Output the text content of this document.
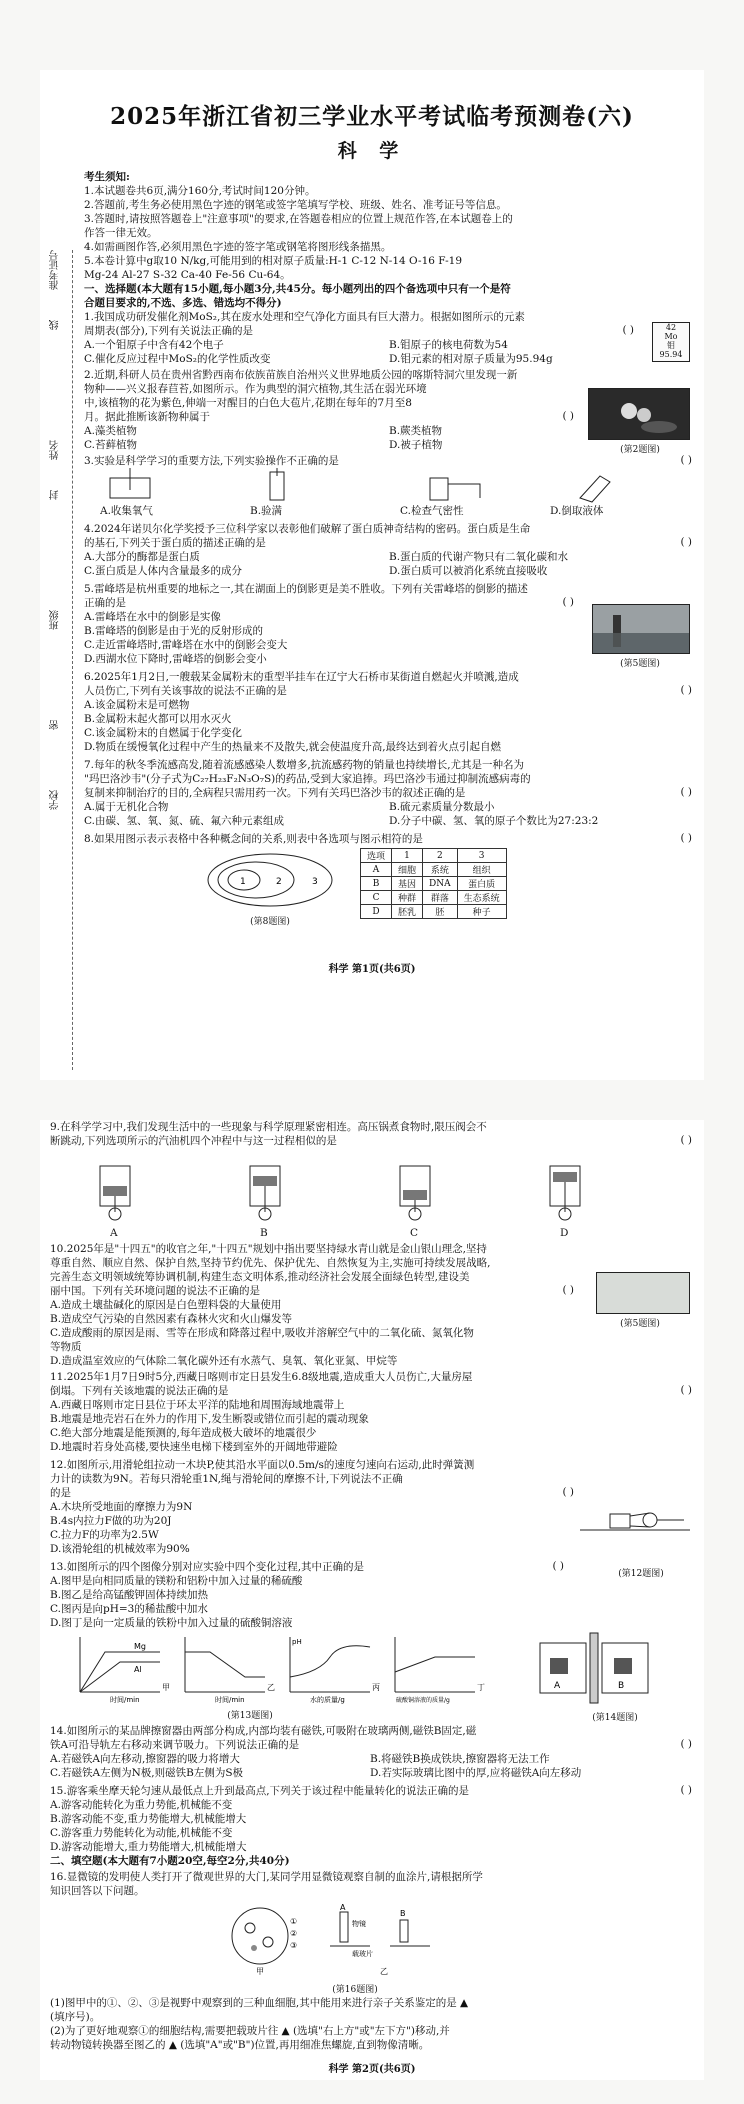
2025年浙江省初三学业水平考试临考预测卷(六)
科 学
准考证号
线
姓名
封
班级
密
学校
考生须知:
1.本试题卷共6页,满分160分,考试时间120分钟。
2.答题前,考生务必使用黑色字迹的钢笔或签字笔填写学校、班级、姓名、准考证号等信息。
3.答题时,请按照答题卷上"注意事项"的要求,在答题卷相应的位置上规范作答,在本试题卷上的
作答一律无效。
4.如需画图作答,必须用黑色字迹的签字笔或钢笔将图形线条描黑。
5.本卷计算中g取10 N/kg,可能用到的相对原子质量:H-1 C-12 N-14 O-16 F-19
Mg-24 Al-27 S-32 Ca-40 Fe-56 Cu-64。
一、选择题(本大题有15小题,每小题3分,共45分。每小题列出的四个备选项中只有一个是符
合题目要求的,不选、多选、错选均不得分)
1.我国成功研发催化剂MoS₂,其在废水处理和空气净化方面具有巨大潜力。根据如图所示的元素
周期表(部分),下列有关说法正确的是
A.一个钼原子中含有42个电子	B.钼原子的核电荷数为54
C.催化反应过程中MoS₂的化学性质改变	D.钼元素的相对原子质量为95.94g
( )	42
Mo
钼
95.94
2.近期,科研人员在贵州省黔西南布依族苗族自治州兴义世界地质公园的喀斯特洞穴里发现一新
物种——兴义报春苣苔,如图所示。作为典型的洞穴植物,其生活在弱光环境
中,该植物的花为紫色,伸端一对醒目的白色大苞片,花期在每年的7月至8
月。据此推断该新物种属于
A.藻类植物	B.蕨类植物
C.苔藓植物	D.被子植物
( )
(第2题图)
3.实验是科学学习的重要方法,下列实验操作不正确的是	( )
A.收集氧气	B.验满	C.检查气密性	D.倒取液体
4.2024年诺贝尔化学奖授予三位科学家以表彰他们破解了蛋白质神奇结构的密码。蛋白质是生命
的基石,下列关于蛋白质的描述正确的是
A.大部分的酶都是蛋白质	B.蛋白质的代谢产物只有二氧化碳和水
C.蛋白质是人体内含量最多的成分	D.蛋白质可以被消化系统直接吸收
( )
5.雷峰塔是杭州重要的地标之一,其在湖面上的倒影更是美不胜收。下列有关雷峰塔的倒影的描述
正确的是
A.雷峰塔在水中的倒影是实像
B.雷峰塔的倒影是由于光的反射形成的
C.走近雷峰塔时,雷峰塔在水中的倒影会变大
D.西湖水位下降时,雷峰塔的倒影会变小
( )
(第5题图)
6.2025年1月2日,一艘载某金属粉末的重型半挂车在辽宁大石桥市某街道自燃起火并喷溅,造成
人员伤亡,下列有关该事故的说法不正确的是
A.该金属粉末是可燃物
B.金属粉末起火都可以用水灭火
C.该金属粉末的自燃属于化学变化
D.物质在缓慢氧化过程中产生的热量来不及散失,就会使温度升高,最终达到着火点引起自燃
( )
7.每年的秋冬季流感高发,随着流感感染人数增多,抗流感药物的销量也持续增长,尤其是一种名为
"玛巴洛沙韦"(分子式为C₂₇H₂₃F₂N₃O₇S)的药品,受到大家追捧。玛巴洛沙韦通过抑制流感病毒的
复制来抑制治疗的目的,全病程只需用药一次。下列有关玛巴洛沙韦的叙述正确的是
A.属于无机化合物	B.硫元素质量分数最小
C.由碳、氢、氧、氮、硫、氟六种元素组成	D.分子中碳、氢、氧的原子个数比为27:23:2
( )
8.如果用图示表示表格中各种概念间的关系,则表中各选项与图示相符的是	( )
1	2	3
(第8题图)
选项	1	2	3
A	细胞	系统	组织
B	基因	DNA	蛋白质
C	种群	群落	生态系统
D	胚乳	胚	种子
科学 第1页(共6页)
9.在科学学习中,我们发现生活中的一些现象与科学原理紧密相连。高压锅煮食物时,限压阀会不
断跳动,下列选项所示的汽油机四个冲程中与这一过程相似的是	( )
A	B	C	D
10.2025年是"十四五"的收官之年,"十四五"规划中指出要坚持绿水青山就是金山银山理念,坚持
尊重自然、顺应自然、保护自然,坚持节约优先、保护优先、自然恢复为主,实施可持续发展战略,
完善生态文明领域统筹协调机制,构建生态文明体系,推动经济社会发展全面绿色转型,建设美
丽中国。下列有关环境问题的说法不正确的是
A.造成土壤盐碱化的原因是白色塑料袋的大量使用
B.造成空气污染的自然因素有森林火灾和火山爆发等
C.造成酸雨的原因是雨、雪等在形成和降落过程中,吸收并溶解空气中的二氧化硫、氮氧化物
等物质
D.造成温室效应的气体除二氧化碳外还有水蒸气、臭氧、氧化亚氮、甲烷等
( )
(第5题图)
11.2025年1月7日9时5分,西藏日喀则市定日县发生6.8级地震,造成重大人员伤亡,大量房屋
倒塌。下列有关该地震的说法正确的是
A.西藏日喀则市定日县位于环太平洋的陆地和周围海域地震带上
B.地震是地壳岩石在外力的作用下,发生断裂或错位而引起的震动现象
C.绝大部分地震是能预测的,每年造成极大破坏的地震很少
D.地震时若身处高楼,要快速坐电梯下楼到室外的开阔地带避险
( )
12.如图所示,用滑轮组拉动一木块P,使其沿水平面以0.5m/s的速度匀速向右运动,此时弹簧测
力计的读数为9N。若每只滑轮重1N,绳与滑轮间的摩擦不计,下列说法不正确
的是
A.木块所受地面的摩擦力为9N
B.4s内拉力F做的功为20J
C.拉力F的功率为2.5W
D.该滑轮组的机械效率为90%
( )
(第12题图)
13.如图所示的四个图像分别对应实验中四个变化过程,其中正确的是
A.图甲是向相同质量的镁粉和铝粉中加入过量的稀硫酸
B.图乙是给高锰酸钾固体持续加热
C.图丙是向pH=3的稀盐酸中加水
D.图丁是向一定质量的铁粉中加入过量的硫酸铜溶液
( )
Mg
Al
时间/min
甲
时间/min
乙
pH
水的质量/g
丙
硫酸铜溶液的质量/g
丁
(第13题图)
A	B
(第14题图)
14.如图所示的某品牌擦窗器由两部分构成,内部均装有磁铁,可吸附在玻璃两侧,磁铁B固定,磁
铁A可沿导轨左右移动来调节吸力。下列说法正确的是
A.若磁铁A向左移动,擦窗器的吸力将增大	B.将磁铁B换成铁块,擦窗器将无法工作
C.若磁铁A左侧为N极,则磁铁B左侧为S极	D.若实际玻璃比图中的厚,应将磁铁A向左移动
( )
15.游客乘坐摩天轮匀速从最低点上升到最高点,下列关于该过程中能量转化的说法正确的是
A.游客动能转化为重力势能,机械能不变
B.游客动能不变,重力势能增大,机械能增大
C.游客重力势能转化为动能,机械能不变
D.游客动能增大,重力势能增大,机械能增大
二、填空题(本大题有7小题20空,每空2分,共40分)
( )
16.显微镜的发明使人类打开了微观世界的大门,某同学用显微镜观察自制的血涂片,请根据所学
知识回答以下问题。
①
②
③
A
B
物镜
载玻片
甲	乙
(第16题图)
(1)图甲中的①、②、③是视野中观察到的三种血细胞,其中能用来进行亲子关系鉴定的是 ▲
(填序号)。
(2)为了更好地观察①的细胞结构,需要把载玻片往 ▲ (选填"右上方"或"左下方")移动,并
转动物镜转换器至图乙的 ▲ (选填"A"或"B")位置,再用细准焦螺旋,直到物像清晰。
科学 第2页(共6页)
